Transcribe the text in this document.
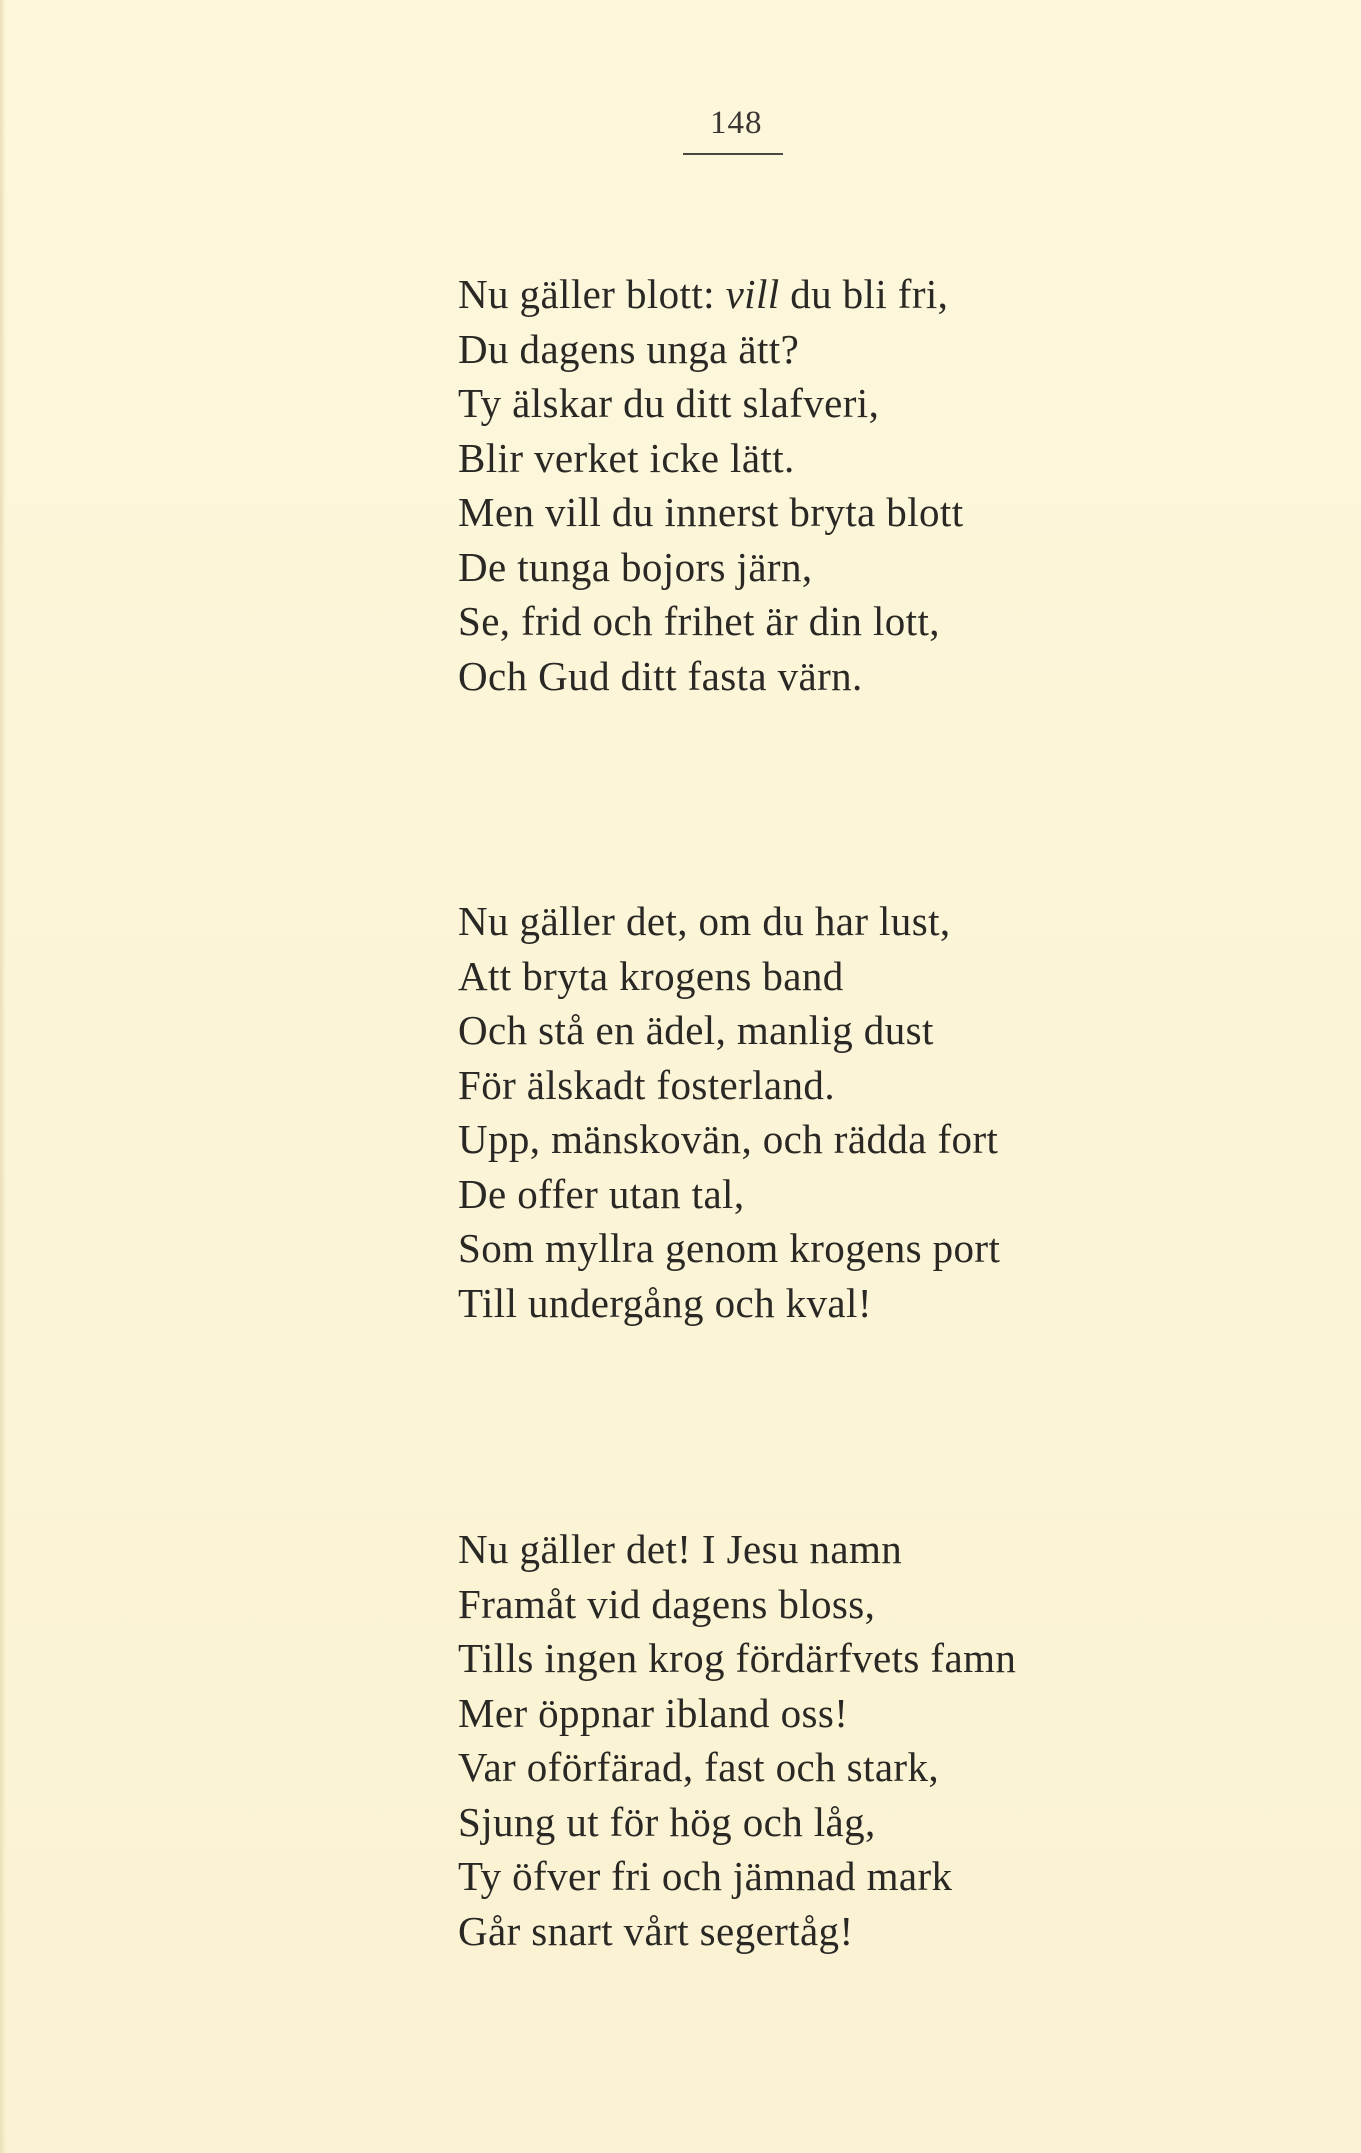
148
Nu gäller blott: vill du bli fri,
Du dagens unga ätt?
Ty älskar du ditt slafveri,
Blir verket icke lätt.
Men vill du innerst bryta blott
De tunga bojors järn,
Se, frid och frihet är din lott,
Och Gud ditt fasta värn.
Nu gäller det, om du har lust,
Att bryta krogens band
Och stå en ädel, manlig dust
För älskadt fosterland.
Upp, mänskovän, och rädda fort
De offer utan tal,
Som myllra genom krogens port
Till undergång och kval!
Nu gäller det! I Jesu namn
Framåt vid dagens bloss,
Tills ingen krog fördärfvets famn
Mer öppnar ibland oss!
Var oförfärad, fast och stark,
Sjung ut för hög och låg,
Ty öfver fri och jämnad mark
Går snart vårt segertåg!
